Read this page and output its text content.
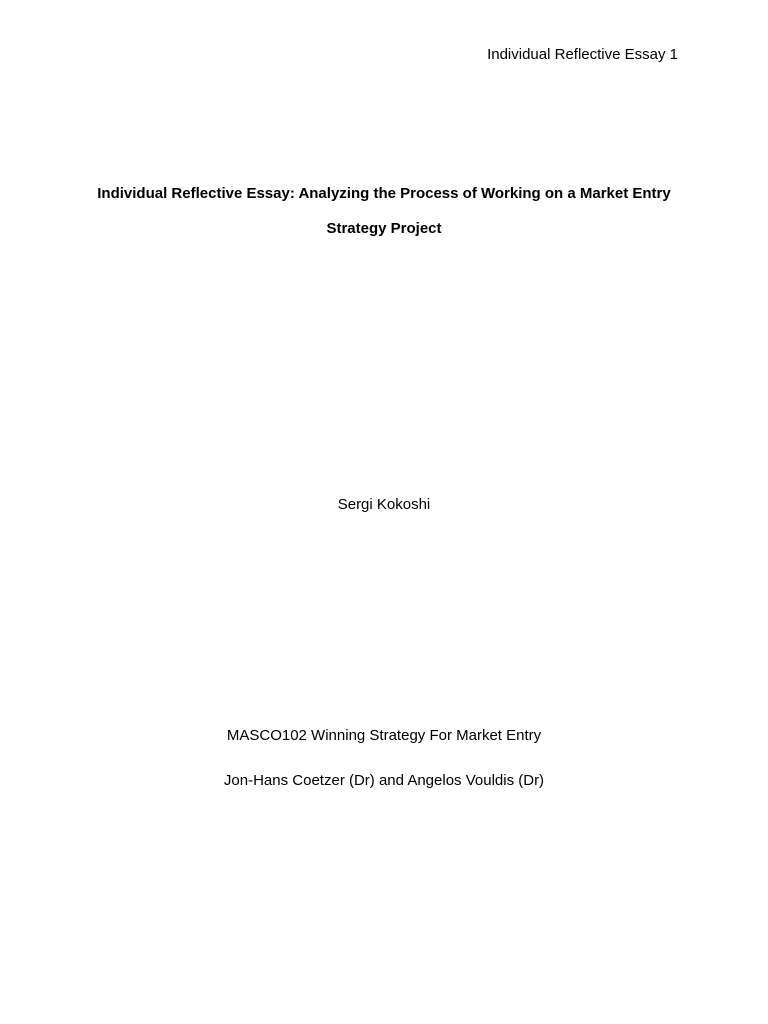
Individual Reflective Essay 1
Individual Reflective Essay: Analyzing the Process of Working on a Market Entry
Strategy Project
Sergi Kokoshi
MASCO102 Winning Strategy For Market Entry
Jon-Hans Coetzer (Dr) and Angelos Vouldis (Dr)
